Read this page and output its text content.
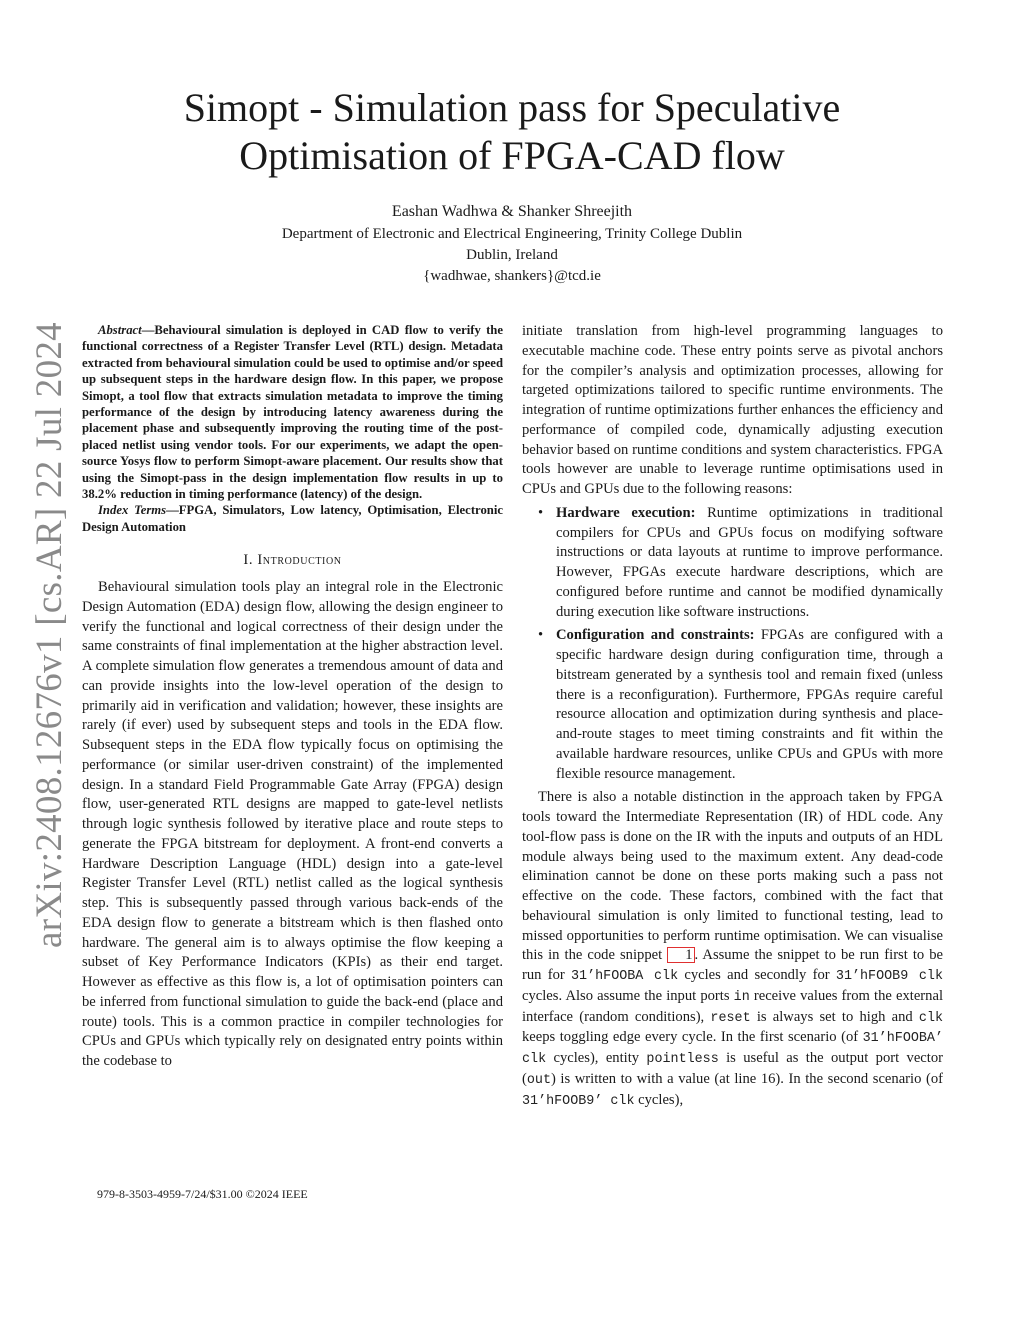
arXiv:2408.12676v1 [cs.AR] 22 Jul 2024
Simopt - Simulation pass for Speculative
Optimisation of FPGA-CAD flow
Eashan Wadhwa & Shanker Shreejith
Department of Electronic and Electrical Engineering, Trinity College Dublin
Dublin, Ireland
{wadhwae, shankers}@tcd.ie

Abstract—Behavioural simulation is deployed in CAD flow to verify the functional correctness of a Register Transfer Level (RTL) design. Metadata extracted from behavioural simulation could be used to optimise and/or speed up subsequent steps in the hardware design flow. In this paper, we propose Simopt, a tool flow that extracts simulation metadata to improve the timing performance of the design by introducing latency awareness during the placement phase and subsequently improving the routing time of the post-placed netlist using vendor tools. For our experiments, we adapt the open-source Yosys flow to perform Simopt-aware placement. Our results show that using the Simopt-pass in the design implementation flow results in up to 38.2% reduction in timing performance (latency) of the design.

Index Terms—FPGA, Simulators, Low latency, Optimisation, Electronic Design Automation

I. Introduction

Behavioural simulation tools play an integral role in the Electronic Design Automation (EDA) design flow, allowing the design engineer to verify the functional and logical correctness of their design under the same constraints of final implementation at the higher abstraction level. A complete simulation flow generates a tremendous amount of data and can provide insights into the low-level operation of the design to primarily aid in verification and validation; however, these insights are rarely (if ever) used by subsequent steps and tools in the EDA flow. Subsequent steps in the EDA flow typically focus on optimising the performance (or similar user-driven constraint) of the implemented design. In a standard Field Programmable Gate Array (FPGA) design flow, user-generated RTL designs are mapped to gate-level netlists through logic synthesis followed by iterative place and route steps to generate the FPGA bitstream for deployment. A front-end converts a Hardware Description Language (HDL) design into a gate-level Register Transfer Level (RTL) netlist called as the logical synthesis step. This is subsequently passed through various back-ends of the EDA design flow to generate a bitstream which is then flashed onto hardware. The general aim is to always optimise the flow keeping a subset of Key Performance Indicators (KPIs) as their end target. However as effective as this flow is, a lot of optimisation pointers can be inferred from functional simulation to guide the back-end (place and route) tools. This is a common practice in compiler technologies for CPUs and GPUs which typically rely on designated entry points within the codebase to

initiate translation from high-level programming languages to executable machine code. These entry points serve as pivotal anchors for the compiler’s analysis and optimization processes, allowing for targeted optimizations tailored to specific runtime environments. The integration of runtime optimizations further enhances the efficiency and performance of compiled code, dynamically adjusting execution behavior based on runtime conditions and system characteristics. FPGA tools however are unable to leverage runtime optimisations used in CPUs and GPUs due to the following reasons:

• Hardware execution: Runtime optimizations in traditional compilers for CPUs and GPUs focus on modifying software instructions or data layouts at runtime to improve performance. However, FPGAs execute hardware descriptions, which are configured before runtime and cannot be modified dynamically during execution like software instructions.
• Configuration and constraints: FPGAs are configured with a specific hardware design during configuration time, through a bitstream generated by a synthesis tool and remain fixed (unless there is a reconfiguration). Furthermore, FPGAs require careful resource allocation and optimization during synthesis and place-and-route stages to meet timing constraints and fit within the available hardware resources, unlike CPUs and GPUs with more flexible resource management.

There is also a notable distinction in the approach taken by FPGA tools toward the Intermediate Representation (IR) of HDL code. Any tool-flow pass is done on the IR with the inputs and outputs of an HDL module always being used to the maximum extent. Any dead-code elimination cannot be done on these ports making such a pass not effective on the code. These factors, combined with the fact that behavioural simulation is only limited to functional testing, lead to missed opportunities to perform runtime optimisation. We can visualise this in the code snippet 1 . Assume the snippet to be run first to be run for 31’hFOOBA clk cycles and secondly for 31’hFOOB9 clk cycles. Also assume the input ports in receive values from the external interface (random conditions), reset is always set to high and clk keeps toggling edge every cycle. In the first scenario (of 31’hFOOBA’ clk cycles), entity pointless is useful as the output port vector (out) is written to with a value (at line 16). In the second scenario (of 31’hFOOB9’ clk cycles),

979-8-3503-4959-7/24/$31.00 ©2024 IEEE
